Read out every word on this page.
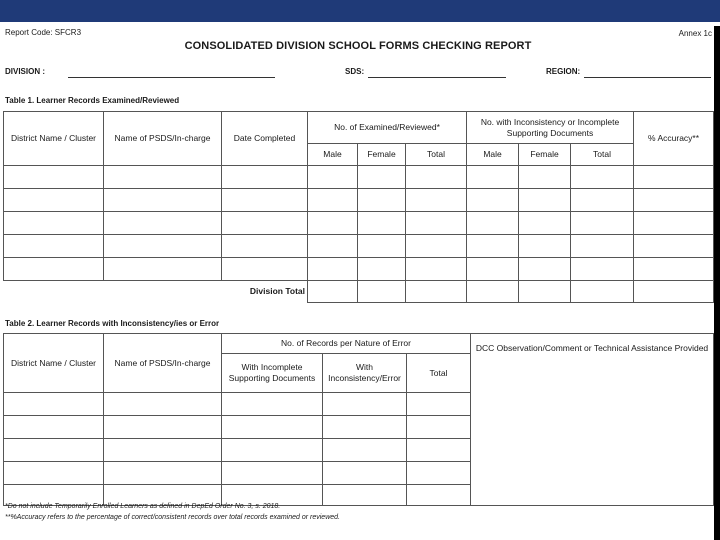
Report Code: SFCR3	Annex 1c
CONSOLIDATED DIVISION SCHOOL FORMS CHECKING REPORT
DIVISION :	SDS:	REGION:
Table 1. Learner Records Examined/Reviewed
District Name / Cluster	Name of PSDS/In-charge	Date Completed	No. of Examined/Reviewed*			No. with Inconsistency or Incomplete Supporting Documents			% Accuracy**
			Male	Female	Total	Male	Female	Total	

		Division Total							
Table 2. Learner Records with Inconsistency/ies or Error
District Name / Cluster	Name of PSDS/In-charge	No. of Records per Nature of Error			DCC Observation/Comment or Technical Assistance Provided
		With Incomplete Supporting Documents	With Inconsistency/Error	Total	

*Do not include Temporarily Enrolled Learners as defined in DepEd Order No. 3, s. 2018.
**%Accuracy refers to the percentage of correct/consistent records over total records examined or reviewed.
